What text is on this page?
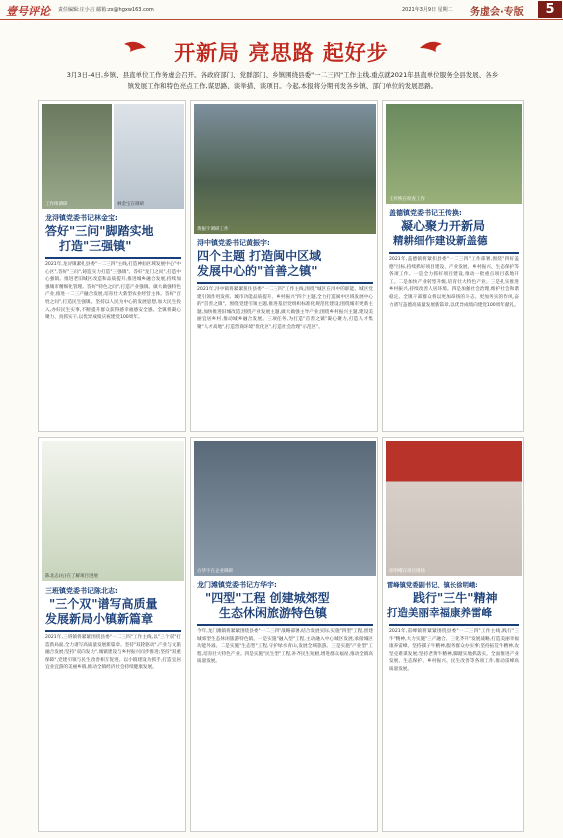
壹号评论 责任编辑:庄小言 邮箱:zx@hgxw163.com	2021年3月9日 星期二 务虚会·专版	5
开新局 亮思路 起好步
3月3日-4日,乡镇、县直单位工作务虚会召开。各政府部门、党群部门、乡镇围绕县委"一二三四"工作主线,重点就2021年县直单位服务全县发展、各乡镇发展工作和特色亮点工作,谋思路、谈举措、谈项目。今起,本报将分期刊发各乡镇、部门单位的发展思路。
工作组调研	林金宝在调研
龙浔镇党委书记林金宝:
答好"三问"脚踏实地
打造"三强镇"
2021年,龙浔镇紧扎县委"一二三四"主线,打造神仙区域发展中心"中心区",答好"三问",铸造实力打造"三强镇"。答好"龙门之问",打造中心强镇。推进老旧城区改造和品质提升,推进城乡融合发展,持续加强城市精细化管理。答好"特色之问",打造产业强镇。做大做强特色产业,推进一二三产融合发展,培育壮大新型农业经营主体。答好"百姓之问",打造民生强镇。坚持以人民为中心的发展思想,加大民生投入,办好民生实事,不断提升群众获得感幸福感安全感。全镇将凝心聚力、真抓实干,以优异成绩庆祝建党100周年。
黄振宇调研工作
浔中镇党委书记黄振宇:
四个主题 打造闽中区域
发展中心的"首善之镇"
2021年,浔中镇将紧紧扭住县委"一二三四"工作主线,围绕"城区在浔中的职能、城区党建引领作用发挥、城市功能品质提升、乡村振兴"四个主题,全力打造闽中区域发展中心的"首善之镇"。围绕党建引领主题,推进基层党组织标准化规范化建设;围绕城市更新主题,加快推进旧城改造;围绕产业发展主题,做大做强主导产业;围绕乡村振兴主题,建设美丽宜居乡村,推动城乡融合发展。三项任务,为打造"首善之镇"凝心聚力,打造人才集聚"人才高地",打造营商环境"优化区",打造社会治理"示范区"。
王传换在检查工作
盖德镇党委书记王传换:
凝心聚力开新局
精耕细作建设新盖德
2021年,盖德镇将紧扣县委"一二三四"工作部署,围绕"四好盖德"目标,持续抓好项目建设、产业发展、乡村振兴、生态保护等各项工作。一是全力抓好项目建设,推动一批重点项目落地开工。二是加快产业转型升级,培育壮大特色产业。三是扎实推进乡村振兴,持续改善人居环境。四是加强社会治理,维护社会和谐稳定。全镇干部群众将以更加昂扬的斗志、更加务实的作风,奋力谱写盖德高质量发展新篇章,以优异成绩向建党100周年献礼。
陈北志(右)在了解项目进展
三班镇党委书记陈北志:
"三个双"谱写高质量
发展新局小镇新篇章
2021年,三班镇将紧紧围绕县委"一二三四"工作主线,以"三个双"打造新局面,全力谱写高质量发展新篇章。坚持"双轮驱动",产业与文旅融合发展;坚持"双向发力",城镇建设与乡村振兴同步推进;坚持"双重保障",党建引领与民生改善相互促进。以小镇建设为抓手,打造宜居宜业宜游的美丽乡镇,推动全镇经济社会持续健康发展。
方华宇在企业调研
龙门滩镇党委书记方华宇:
"四型"工程 创建城郊型
生态休闲旅游特色镇
今年,龙门滩镇将紧紧围绕县委"一二三四"战略部署,结合发展实际,实施"四型"工程,创建城郊型生态休闲旅游特色镇。一是实施"融入型"工程,主动融入中心城区发展,承接城区功能外溢。二是实施"生态型"工程,守护绿水青山,发展全域旅游。三是实施"产业型"工程,培育壮大特色产业。四是实施"民生型"工程,补齐民生短板,增进群众福祉,推动全镇高质量发展。
徐明峨在项目现场
雷峰镇党委副书记、镇长徐明峨:
践行"三牛"精神
打造美丽幸福康养雷峰
2021年,雷峰镇将紧紧围绕县委"一二三四"工作主线,践行"三牛"精神,大力实施"三产融合、三化齐升"发展战略,打造美丽幸福康养雷峰。坚持孺子牛精神,服务群众办实事;坚持拓荒牛精神,攻坚克难谋发展;坚持老黄牛精神,脚踏实地抓落实。全面推进产业发展、生态保护、乡村振兴、民生改善等各项工作,推动雷峰高质量发展。
